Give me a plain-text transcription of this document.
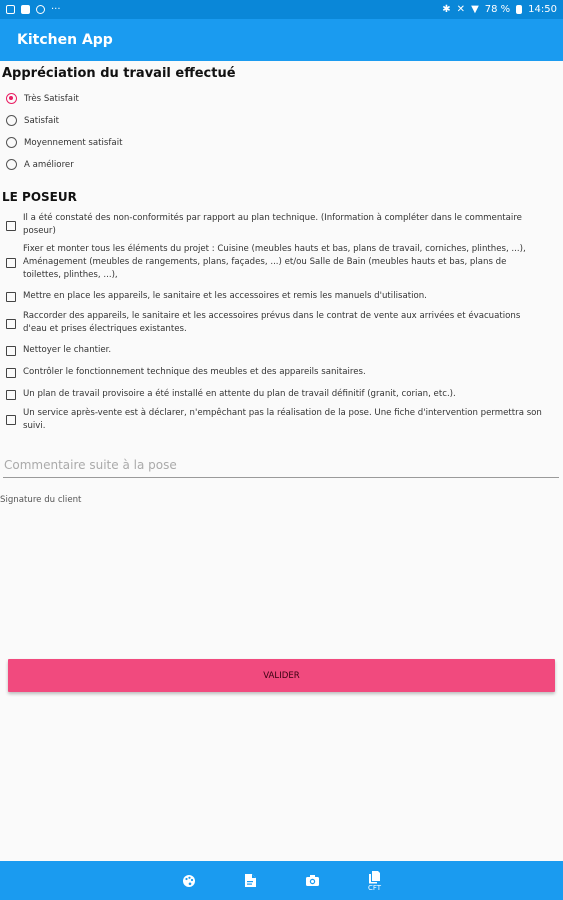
···	✱ ✕ ▼ 78 % 14:50
Kitchen App
Appréciation du travail effectué
Très Satisfait
Satisfait
Moyennement satisfait
A améliorer
LE POSEUR
Il a été constaté des non-conformités par rapport au plan technique. (Information à compléter dans le commentaire poseur)
Fixer et monter tous les éléments du projet : Cuisine (meubles hauts et bas, plans de travail, corniches, plinthes, ...), Aménagement (meubles de rangements, plans, façades, ...) et/ou Salle de Bain (meubles hauts et bas, plans de toilettes, plinthes, ...),
Mettre en place les appareils, le sanitaire et les accessoires et remis les manuels d'utilisation.
Raccorder des appareils, le sanitaire et les accessoires prévus dans le contrat de vente aux arrivées et évacuations d'eau et prises électriques existantes.
Nettoyer le chantier.
Contrôler le fonctionnement technique des meubles et des appareils sanitaires.
Un plan de travail provisoire a été installé en attente du plan de travail définitif (granit, corian, etc.).
Un service après-vente est à déclarer, n'empêchant pas la réalisation de la pose. Une fiche d'intervention permettra son suivi.
Commentaire suite à la pose
Signature du client
VALIDER
CFT
